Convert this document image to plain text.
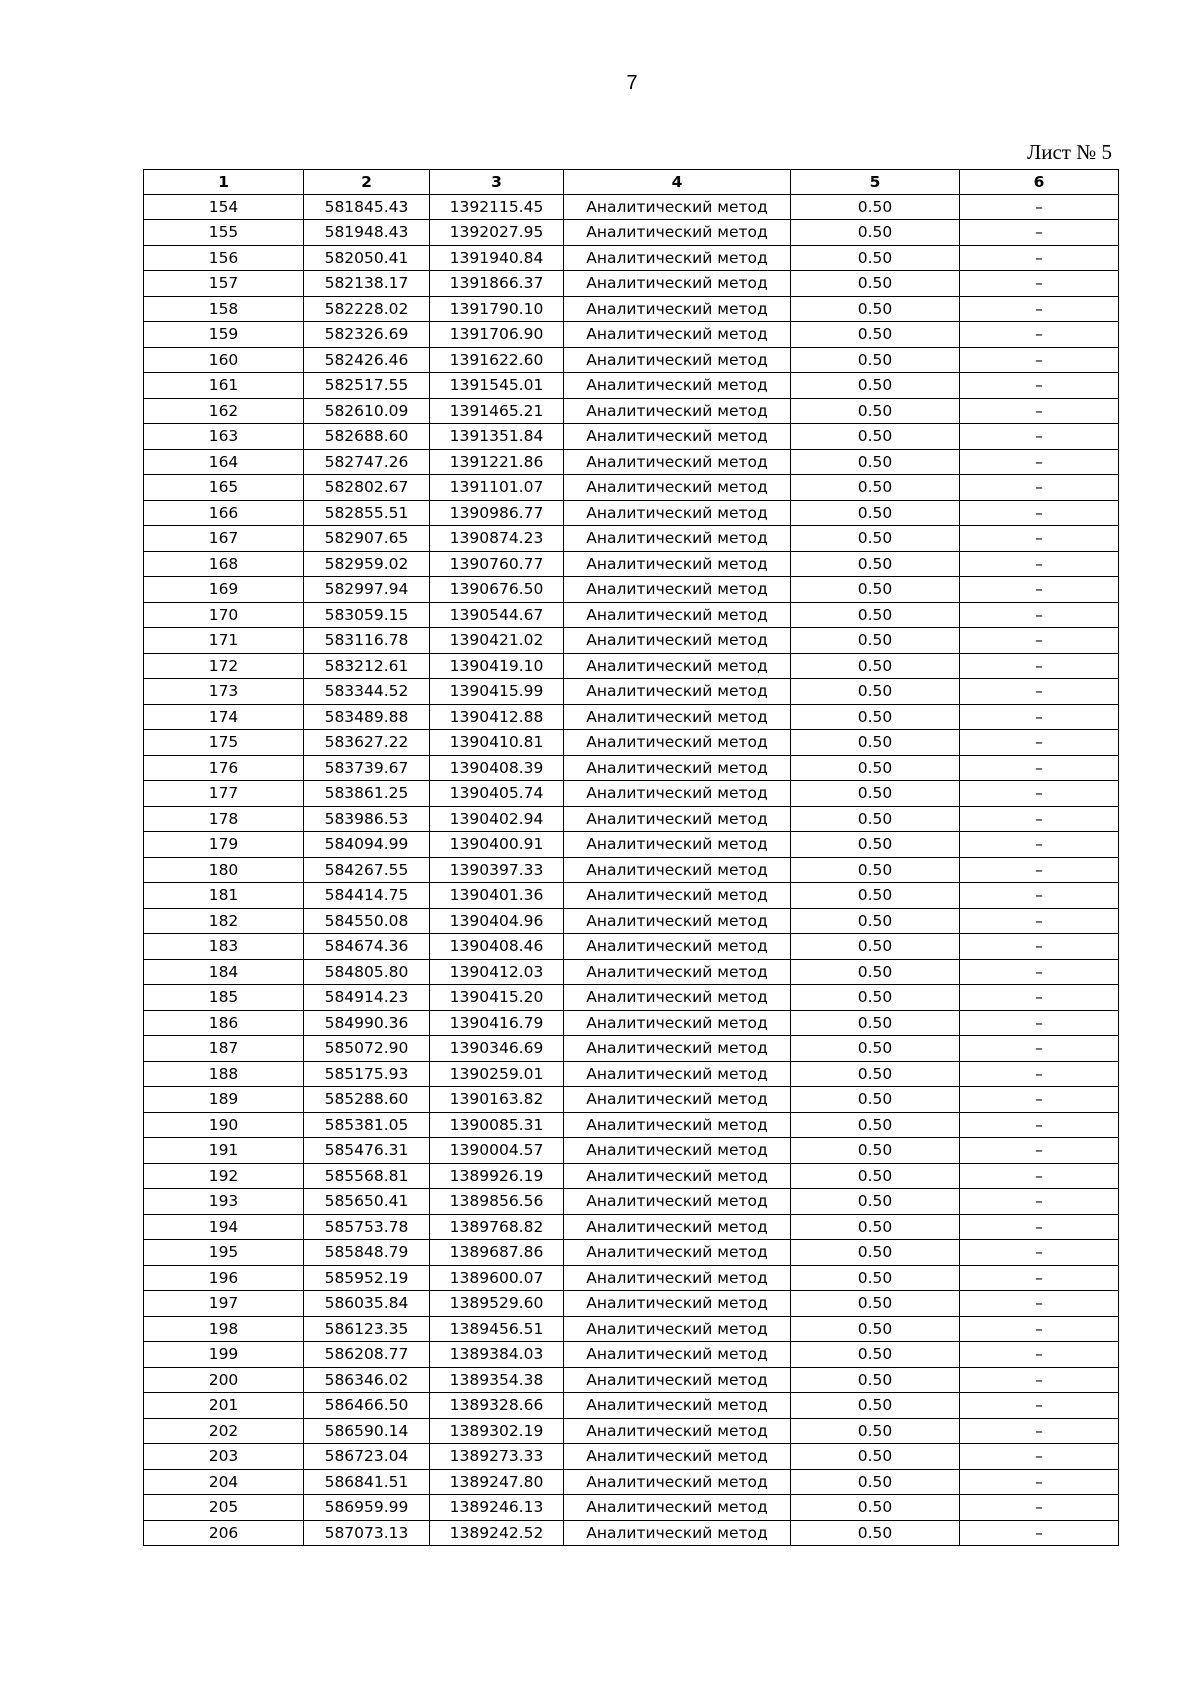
7
Лист № 5
1	2	3	4	5	6
154	581845.43	1392115.45	Аналитический метод	0.50	–
155	581948.43	1392027.95	Аналитический метод	0.50	–
156	582050.41	1391940.84	Аналитический метод	0.50	–
157	582138.17	1391866.37	Аналитический метод	0.50	–
158	582228.02	1391790.10	Аналитический метод	0.50	–
159	582326.69	1391706.90	Аналитический метод	0.50	–
160	582426.46	1391622.60	Аналитический метод	0.50	–
161	582517.55	1391545.01	Аналитический метод	0.50	–
162	582610.09	1391465.21	Аналитический метод	0.50	–
163	582688.60	1391351.84	Аналитический метод	0.50	–
164	582747.26	1391221.86	Аналитический метод	0.50	–
165	582802.67	1391101.07	Аналитический метод	0.50	–
166	582855.51	1390986.77	Аналитический метод	0.50	–
167	582907.65	1390874.23	Аналитический метод	0.50	–
168	582959.02	1390760.77	Аналитический метод	0.50	–
169	582997.94	1390676.50	Аналитический метод	0.50	–
170	583059.15	1390544.67	Аналитический метод	0.50	–
171	583116.78	1390421.02	Аналитический метод	0.50	–
172	583212.61	1390419.10	Аналитический метод	0.50	–
173	583344.52	1390415.99	Аналитический метод	0.50	–
174	583489.88	1390412.88	Аналитический метод	0.50	–
175	583627.22	1390410.81	Аналитический метод	0.50	–
176	583739.67	1390408.39	Аналитический метод	0.50	–
177	583861.25	1390405.74	Аналитический метод	0.50	–
178	583986.53	1390402.94	Аналитический метод	0.50	–
179	584094.99	1390400.91	Аналитический метод	0.50	–
180	584267.55	1390397.33	Аналитический метод	0.50	–
181	584414.75	1390401.36	Аналитический метод	0.50	–
182	584550.08	1390404.96	Аналитический метод	0.50	–
183	584674.36	1390408.46	Аналитический метод	0.50	–
184	584805.80	1390412.03	Аналитический метод	0.50	–
185	584914.23	1390415.20	Аналитический метод	0.50	–
186	584990.36	1390416.79	Аналитический метод	0.50	–
187	585072.90	1390346.69	Аналитический метод	0.50	–
188	585175.93	1390259.01	Аналитический метод	0.50	–
189	585288.60	1390163.82	Аналитический метод	0.50	–
190	585381.05	1390085.31	Аналитический метод	0.50	–
191	585476.31	1390004.57	Аналитический метод	0.50	–
192	585568.81	1389926.19	Аналитический метод	0.50	–
193	585650.41	1389856.56	Аналитический метод	0.50	–
194	585753.78	1389768.82	Аналитический метод	0.50	–
195	585848.79	1389687.86	Аналитический метод	0.50	–
196	585952.19	1389600.07	Аналитический метод	0.50	–
197	586035.84	1389529.60	Аналитический метод	0.50	–
198	586123.35	1389456.51	Аналитический метод	0.50	–
199	586208.77	1389384.03	Аналитический метод	0.50	–
200	586346.02	1389354.38	Аналитический метод	0.50	–
201	586466.50	1389328.66	Аналитический метод	0.50	–
202	586590.14	1389302.19	Аналитический метод	0.50	–
203	586723.04	1389273.33	Аналитический метод	0.50	–
204	586841.51	1389247.80	Аналитический метод	0.50	–
205	586959.99	1389246.13	Аналитический метод	0.50	–
206	587073.13	1389242.52	Аналитический метод	0.50	–
